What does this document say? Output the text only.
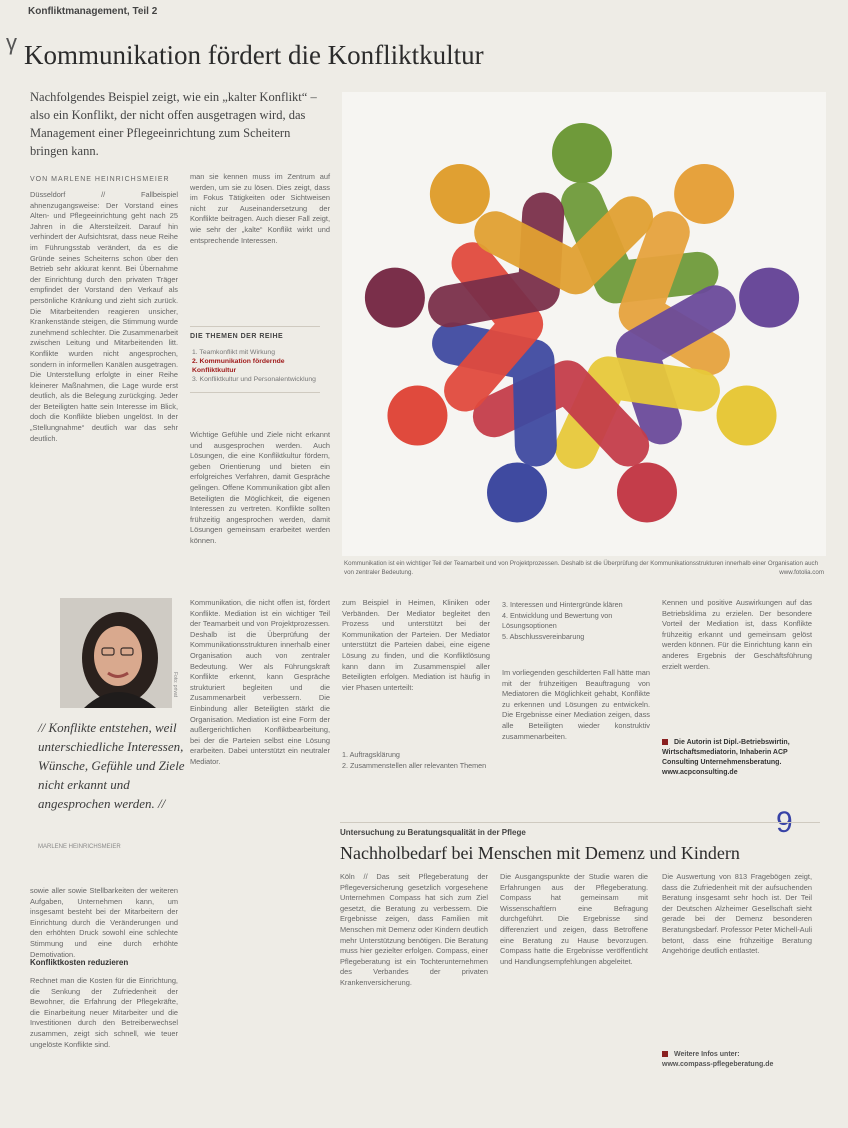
γ
Konfliktmanagement, Teil 2
Kommunikation fördert die Konfliktkultur
Nachfolgendes Beispiel zeigt, wie ein „kalter Konflikt“ – also ein Konflikt, der nicht offen ausgetragen wird, das Management einer Pflegeeinrichtung zum Scheitern bringen kann.
VON MARLENE HEINRICHSMEIER
Düsseldorf // Fallbeispiel ahnenzugangsweise: Der Vorstand eines Alten- und Pflegeeinrichtung geht nach 25 Jahren in die Altersteilzeit. Darauf hin verhindert der Aufsichtsrat, dass neue Reihe im Führungsstab verändert, da es die Gründe seines Scheiterns schon über den Betrieb sehr akkurat kennt. Bei Übernahme der Einrichtung durch den privaten Träger empfindet der Vorstand den Verkauf als persönliche Kränkung und zieht sich zurück. Die Mitarbeitenden reagieren unsicher, Krankenstände steigen, die Stimmung wurde zunehmend schlechter. Die Zusammenarbeit zwischen Leitung und Mitarbeitenden litt. Konflikte wurden nicht angesprochen, sondern in informellen Kanälen ausgetragen. Die Unterstellung erfolgte in einer Reihe kleinerer Maßnahmen, die Lage wurde erst deutlich, als die Belegung zurückging. Jeder der Beteiligten hatte sein Interesse im Blick, doch die Konflikte blieben ungelöst. In der „Stellungnahme“ deutlich war das sehr deutlich.
man sie kennen muss im Zentrum auf werden, um sie zu lösen. Dies zeigt, dass im Fokus Tätigkeiten oder Sichtweisen nicht zur Auseinandersetzung der Konflikte beitragen. Auch dieser Fall zeigt, wie sehr der „kalte“ Konflikt wirkt und entsprechende Interessen.
DIE THEMEN DER REIHE
1. Teamkonflikt mit Wirkung
2. Kommunikation fördernde Konfliktkultur
3. Konfliktkultur und Personalentwicklung
Wichtige Gefühle und Ziele nicht erkannt und ausgesprochen werden. Auch Lösungen, die eine Konfliktkultur fördern, geben Orientierung und bieten ein erfolgreiches Verfahren, damit Gespräche gelingen. Offene Kommunikation gibt allen Beteiligten die Möglichkeit, die eigenen Interessen zu vertreten. Konflikte sollten frühzeitig angesprochen werden, damit Lösungen gemeinsam erarbeitet werden können.
Kommunikation ist ein wichtiger Teil der Teamarbeit und von Projektprozessen. Deshalb ist die Überprüfung der Kommunikationsstrukturen innerhalb einer Organisation auch von zentraler Bedeutung.	www.fotolia.com
Foto: privat
// Konflikte entstehen, weil unterschiedliche Interessen, Wünsche, Gefühle und Ziele nicht erkannt und angesprochen werden. //
MARLENE HEINRICHSMEIER
sowie aller sowie Stellbarkeiten der weiteren Aufgaben, Unternehmen kann, um insgesamt besteht bei der Mitarbeitern der Einrichtung durch die Veränderungen und den erhöhten Druck sowohl eine schlechte Stimmung und eine durch erhöhte Demotivation.
Konfliktkosten reduzieren
Rechnet man die Kosten für die Einrichtung, die Senkung der Zufriedenheit der Bewohner, die Erfahrung der Pflegekräfte, die Einarbeitung neuer Mitarbeiter und die Investitionen durch den Betreiberwechsel zusammen, zeigt sich schnell, wie teuer ungelöste Konflikte sind.
Kommunikation, die nicht offen ist, fördert Konflikte. Mediation ist ein wichtiger Teil der Teamarbeit und von Projektprozessen. Deshalb ist die Überprüfung der Kommunikationsstrukturen innerhalb einer Organisation auch von zentraler Bedeutung. Wer als Führungskraft Konflikte erkennt, kann Gespräche strukturiert begleiten und die Zusammenarbeit verbessern. Die Einbindung aller Beteiligten stärkt die Organisation. Mediation ist eine Form der außergerichtlichen Konfliktbearbeitung, bei der die Parteien selbst eine Lösung erarbeiten. Dabei unterstützt ein neutraler Mediator.
zum Beispiel in Heimen, Kliniken oder Verbänden. Der Mediator begleitet den Prozess und unterstützt bei der Kommunikation der Parteien. Der Mediator unterstützt die Parteien dabei, eine eigene Lösung zu finden, und die Konfliktlösung kann dann im Zusammenspiel aller Beteiligten erfolgen. Mediation ist häufig in vier Phasen unterteilt:
1. Auftragsklärung
2. Zusammenstellen aller relevanten Themen
3. Interessen und Hintergründe klären
4. Entwicklung und Bewertung von Lösungsoptionen
5. Abschlussvereinbarung
Im vorliegenden geschilderten Fall hätte man mit der frühzeitigen Beauftragung von Mediatoren die Möglichkeit gehabt, Konflikte zu erkennen und Lösungen zu entwickeln. Die Ergebnisse einer Mediation zeigen, dass alle Beteiligten wieder konstruktiv zusammenarbeiten.
Kennen und positive Auswirkungen auf das Betriebsklima zu erzielen. Der besondere Vorteil der Mediation ist, dass Konflikte frühzeitig erkannt und gemeinsam gelöst werden können. Für die Einrichtung kann ein anderes Ergebnis der Geschäftsführung erzielt werden.
Die Autorin ist Dipl.-Betriebswirtin, Wirtschaftsmediatorin, Inhaberin ACP Consulting Unternehmensberatung.
www.acpconsulting.de
9
Untersuchung zu Beratungsqualität in der Pflege
Nachholbedarf bei Menschen mit Demenz und Kindern
Köln // Das seit Pflegeberatung der Pflegeversicherung gesetzlich vorgesehene Unternehmen Compass hat sich zum Ziel gesetzt, die Beratung zu verbessern. Die Ergebnisse zeigen, dass Familien mit Menschen mit Demenz oder Kindern deutlich mehr Unterstützung benötigen. Die Beratung muss hier gezielter erfolgen. Compass, einer Pflegeberatung ist ein Tochterunternehmen des Verbandes der privaten Krankenversicherung.
Die Ausgangspunkte der Studie waren die Erfahrungen aus der Pflegeberatung. Compass hat gemeinsam mit Wissenschaftlern eine Befragung durchgeführt. Die Ergebnisse sind differenziert und zeigen, dass Betroffene eine Beratung zu Hause bevorzugen. Compass hatte die Ergebnisse veröffentlicht und Handlungsempfehlungen abgeleitet.
Die Auswertung von 813 Fragebögen zeigt, dass die Zufriedenheit mit der aufsuchenden Beratung insgesamt sehr hoch ist. Der Teil der Deutschen Alzheimer Gesellschaft sieht gerade bei der Demenz besonderen Beratungsbedarf. Professor Peter Michell-Auli betont, dass eine frühzeitige Beratung Angehörige deutlich entlastet.
Weitere Infos unter:
www.compass-pflegeberatung.de
